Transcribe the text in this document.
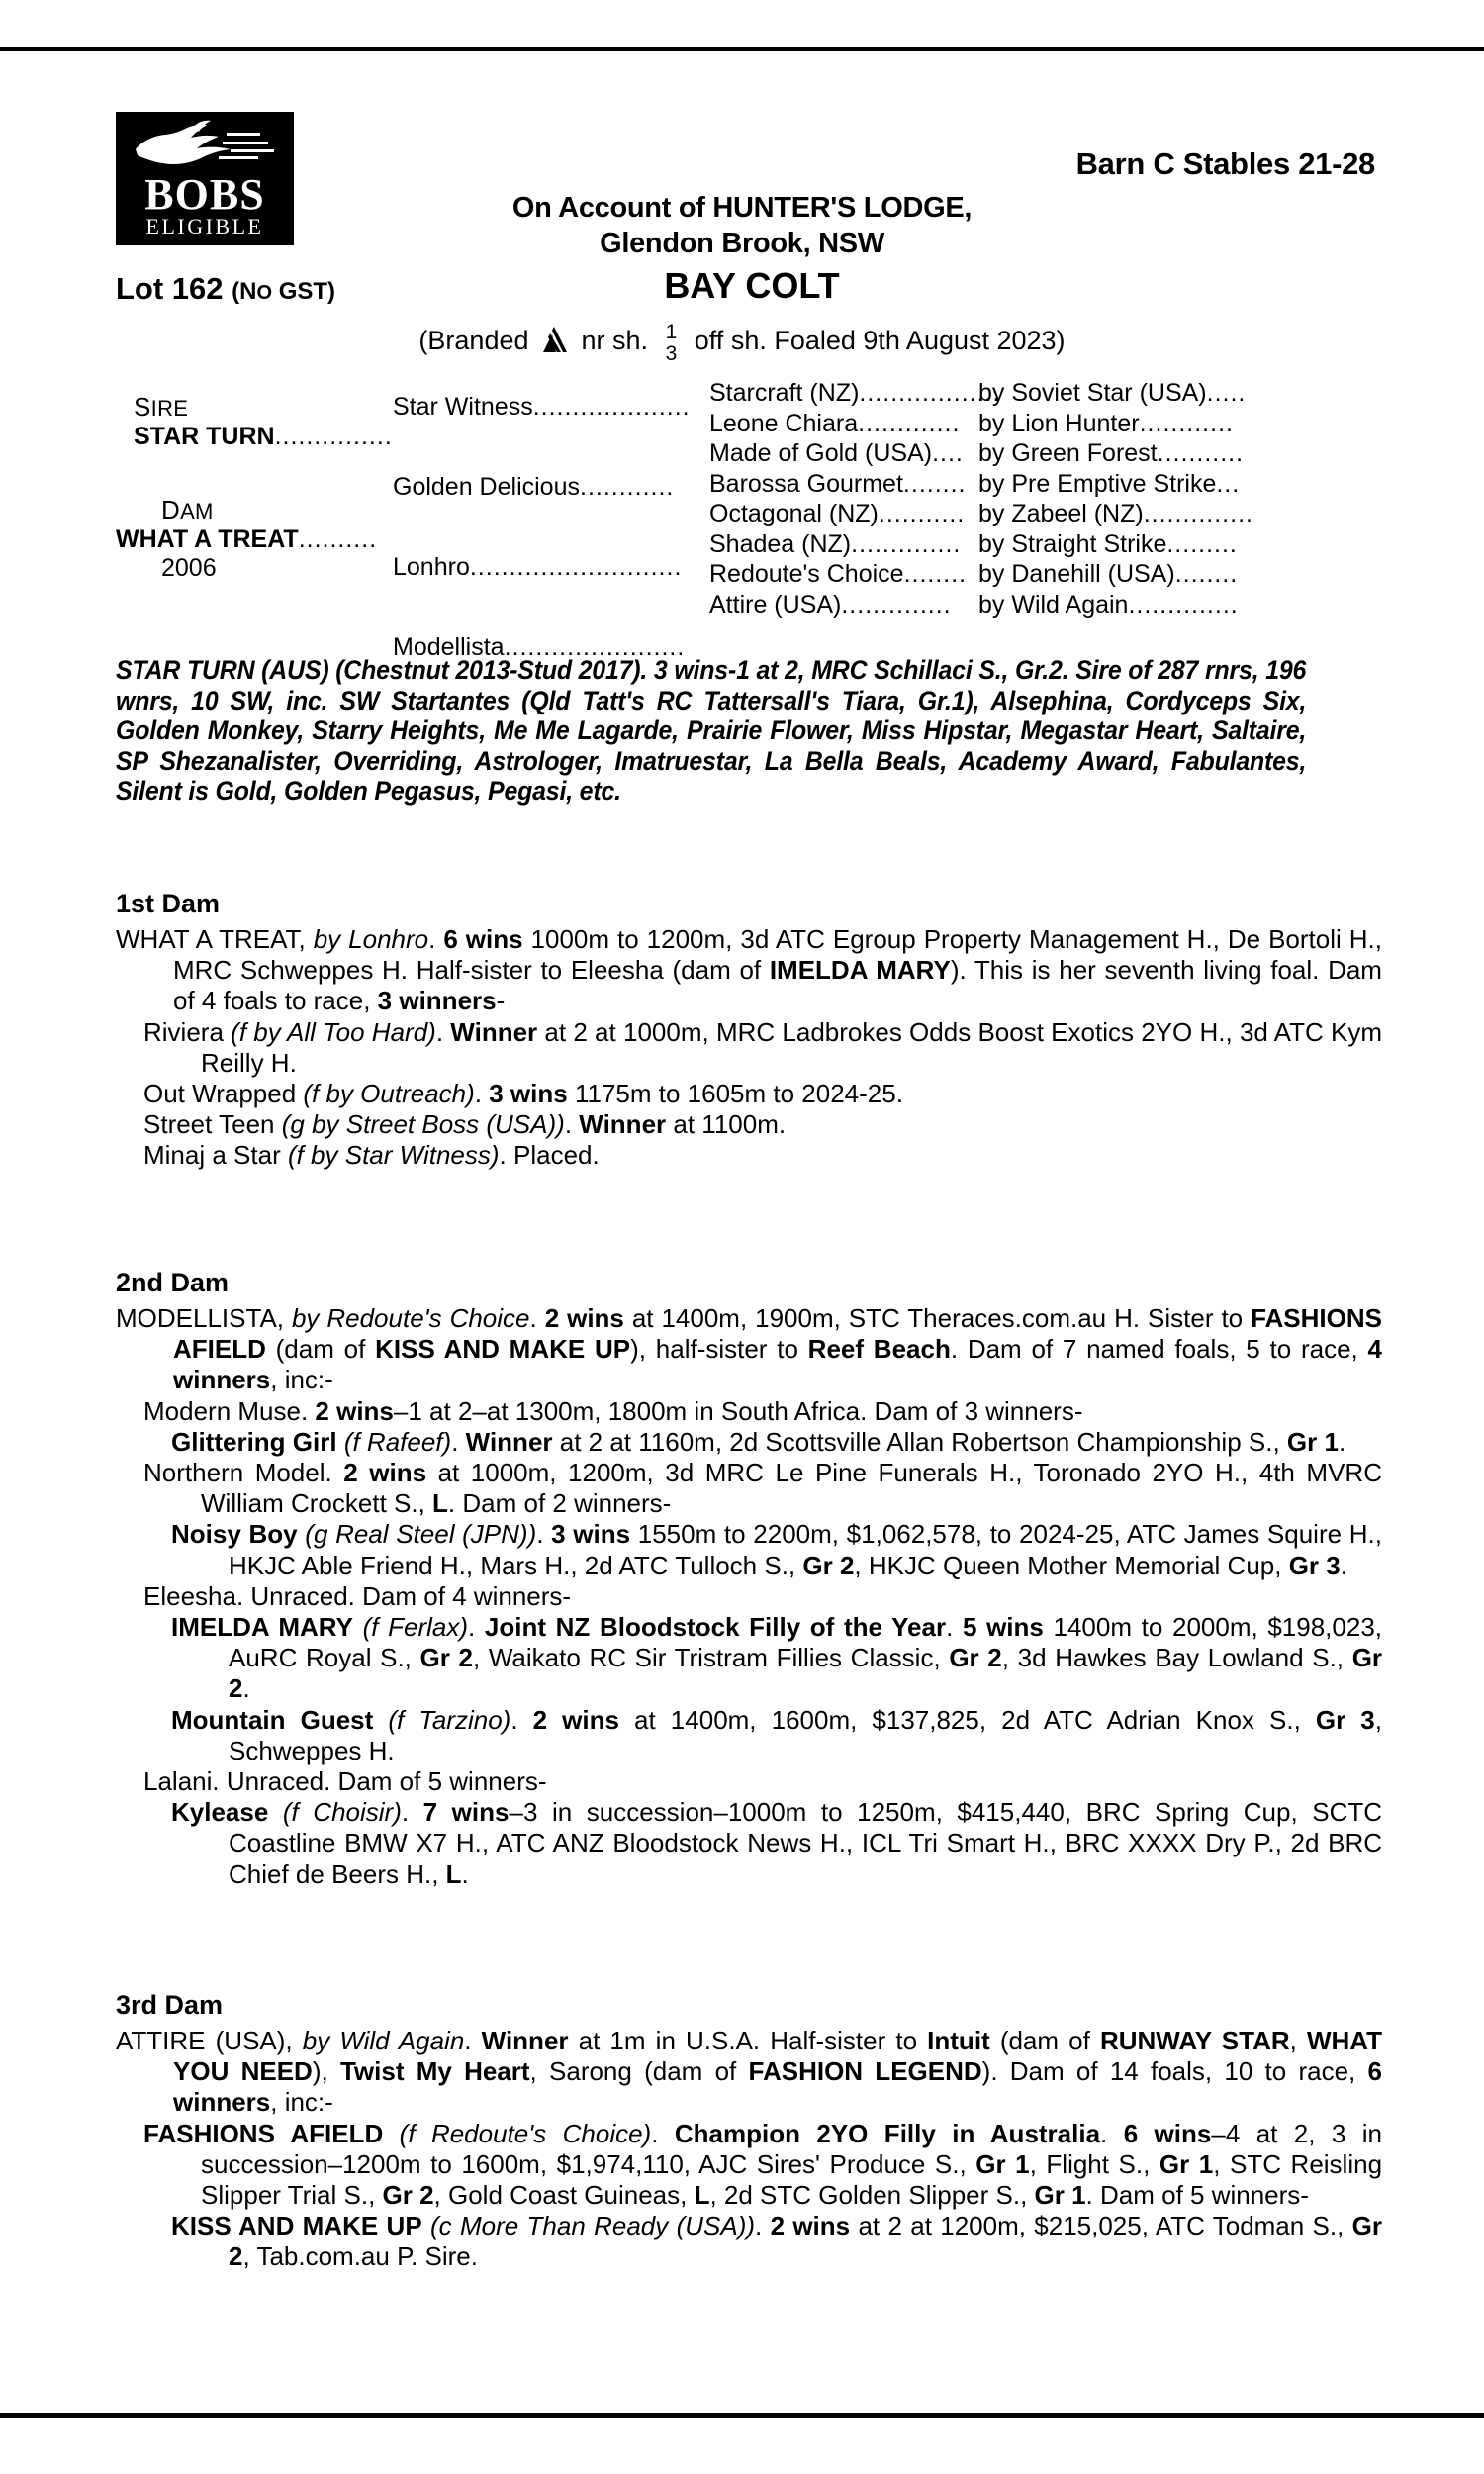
BOBS
ELIGIBLE
Barn C Stables 21-28
On Account of HUNTER'S LODGE,
Glendon Brook, NSW
Lot 162 (NO GST)	BAY COLT
(Branded nr sh. 1
3 off sh. Foaled 9th August 2023)
SIRE
STAR TURN...............
DAM
WHAT A TREAT..........
2006
Star Witness....................
Golden Delicious............
Lonhro...........................
Modellista.......................
Starcraft (NZ)..................by Soviet Star (USA).....
Leone Chiara............. by Lion Hunter............
Made of Gold (USA).... by Green Forest...........
Barossa Gourmet........ by Pre Emptive Strike...
Octagonal (NZ)........... by Zabeel (NZ)..............
Shadea (NZ).............. by Straight Strike.........
Redoute's Choice........ by Danehill (USA)........
Attire (USA).............. by Wild Again..............
STAR TURN (AUS) (Chestnut 2013-Stud 2017). 3 wins-1 at 2, MRC Schillaci S., Gr.2. Sire of 287 rnrs, 196 wnrs, 10 SW, inc. SW Startantes (Qld Tatt's RC Tattersall's Tiara, Gr.1), Alsephina, Cordyceps Six, Golden Monkey, Starry Heights, Me Me Lagarde, Prairie Flower, Miss Hipstar, Megastar Heart, Saltaire, SP Shezanalister, Overriding, Astrologer, Imatruestar, La Bella Beals, Academy Award, Fabulantes, Silent is Gold, Golden Pegasus, Pegasi, etc.
1st Dam

WHAT A TREAT, by Lonhro. 6 wins 1000m to 1200m, 3d ATC Egroup Property Management H., De Bortoli H., MRC Schweppes H. Half-sister to Eleesha (dam of IMELDA MARY). This is her seventh living foal. Dam of 4 foals to race, 3 winners-

Riviera (f by All Too Hard). Winner at 2 at 1000m, MRC Ladbrokes Odds Boost Exotics 2YO H., 3d ATC Kym Reilly H.

Out Wrapped (f by Outreach). 3 wins 1175m to 1605m to 2024-25.

Street Teen (g by Street Boss (USA)). Winner at 1100m.

Minaj a Star (f by Star Witness). Placed.

2nd Dam

MODELLISTA, by Redoute's Choice. 2 wins at 1400m, 1900m, STC Theraces.com.au H. Sister to FASHIONS AFIELD (dam of KISS AND MAKE UP), half-sister to Reef Beach. Dam of 7 named foals, 5 to race, 4 winners, inc:-

Modern Muse. 2 wins–1 at 2–at 1300m, 1800m in South Africa. Dam of 3 winners-

Glittering Girl (f Rafeef). Winner at 2 at 1160m, 2d Scottsville Allan Robertson Championship S., Gr 1.

Northern Model. 2 wins at 1000m, 1200m, 3d MRC Le Pine Funerals H., Toronado 2YO H., 4th MVRC William Crockett S., L. Dam of 2 winners-

Noisy Boy (g Real Steel (JPN)). 3 wins 1550m to 2200m, $1,062,578, to 2024-25, ATC James Squire H., HKJC Able Friend H., Mars H., 2d ATC Tulloch S., Gr 2, HKJC Queen Mother Memorial Cup, Gr 3.

Eleesha. Unraced. Dam of 4 winners-

IMELDA MARY (f Ferlax). Joint NZ Bloodstock Filly of the Year. 5 wins 1400m to 2000m, $198,023, AuRC Royal S., Gr 2, Waikato RC Sir Tristram Fillies Classic, Gr 2, 3d Hawkes Bay Lowland S., Gr 2.

Mountain Guest (f Tarzino). 2 wins at 1400m, 1600m, $137,825, 2d ATC Adrian Knox S., Gr 3, Schweppes H.

Lalani. Unraced. Dam of 5 winners-

Kylease (f Choisir). 7 wins–3 in succession–1000m to 1250m, $415,440, BRC Spring Cup, SCTC Coastline BMW X7 H., ATC ANZ Bloodstock News H., ICL Tri Smart H., BRC XXXX Dry P., 2d BRC Chief de Beers H., L.

3rd Dam

ATTIRE (USA), by Wild Again. Winner at 1m in U.S.A. Half-sister to Intuit (dam of RUNWAY STAR, WHAT YOU NEED), Twist My Heart, Sarong (dam of FASHION LEGEND). Dam of 14 foals, 10 to race, 6 winners, inc:-

FASHIONS AFIELD (f Redoute's Choice). Champion 2YO Filly in Australia. 6 wins–4 at 2, 3 in succession–1200m to 1600m, $1,974,110, AJC Sires' Produce S., Gr 1, Flight S., Gr 1, STC Reisling Slipper Trial S., Gr 2, Gold Coast Guineas, L, 2d STC Golden Slipper S., Gr 1. Dam of 5 winners-

KISS AND MAKE UP (c More Than Ready (USA)). 2 wins at 2 at 1200m, $215,025, ATC Todman S., Gr 2, Tab.com.au P. Sire.
